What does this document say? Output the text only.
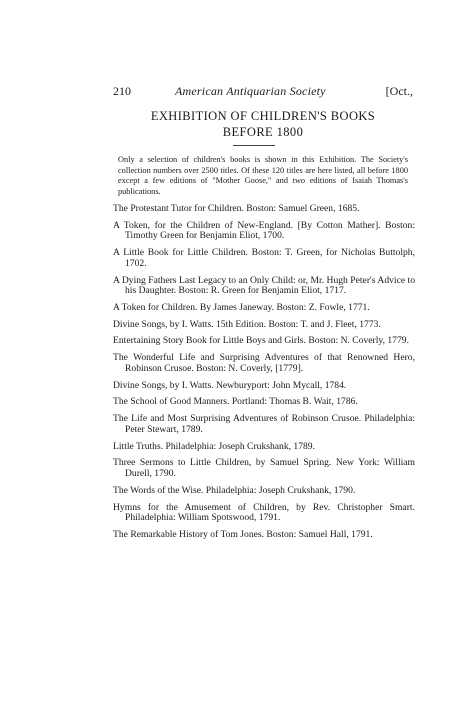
210	American Antiquarian Society	[Oct.,
EXHIBITION OF CHILDREN'S BOOKS
BEFORE 1800
Only a selection of children's books is shown in this Exhibition. The Society's collection numbers over 2500 titles. Of these 120 titles are here listed, all before 1800 except a few editions of "Mother Goose," and two editions of Isaiah Thomas's publications.
The Protestant Tutor for Children. Boston: Samuel Green, 1685.
A Token, for the Children of New-England. [By Cotton Mather]. Boston: Timothy Green for Benjamin Eliot, 1700.
A Little Book for Little Children. Boston: T. Green, for Nicholas Buttolph, 1702.
A Dying Fathers Last Legacy to an Only Child: or, Mr. Hugh Peter's Advice to his Daughter. Boston: R. Green for Benjamin Eliot, 1717.
A Token for Children. By James Janeway. Boston: Z. Fowle, 1771.
Divine Songs, by I. Watts. 15th Edition. Boston: T. and J. Fleet, 1773.
Entertaining Story Book for Little Boys and Girls. Boston: N. Coverly, 1779.
The Wonderful Life and Surprising Adventures of that Renowned Hero, Robinson Crusoe. Boston: N. Coverly, [1779].
Divine Songs, by I. Watts. Newburyport: John Mycall, 1784.
The School of Good Manners. Portland: Thomas B. Wait, 1786.
The Life and Most Surprising Adventures of Robinson Crusoe. Philadelphia: Peter Stewart, 1789.
Little Truths. Philadelphia: Joseph Crukshank, 1789.
Three Sermons to Little Children, by Samuel Spring. New York: William Durell, 1790.
The Words of the Wise. Philadelphia: Joseph Crukshank, 1790.
Hymns for the Amusement of Children, by Rev. Christopher Smart. Philadelphia: William Spotswood, 1791.
The Remarkable History of Tom Jones. Boston: Samuel Hall, 1791.
